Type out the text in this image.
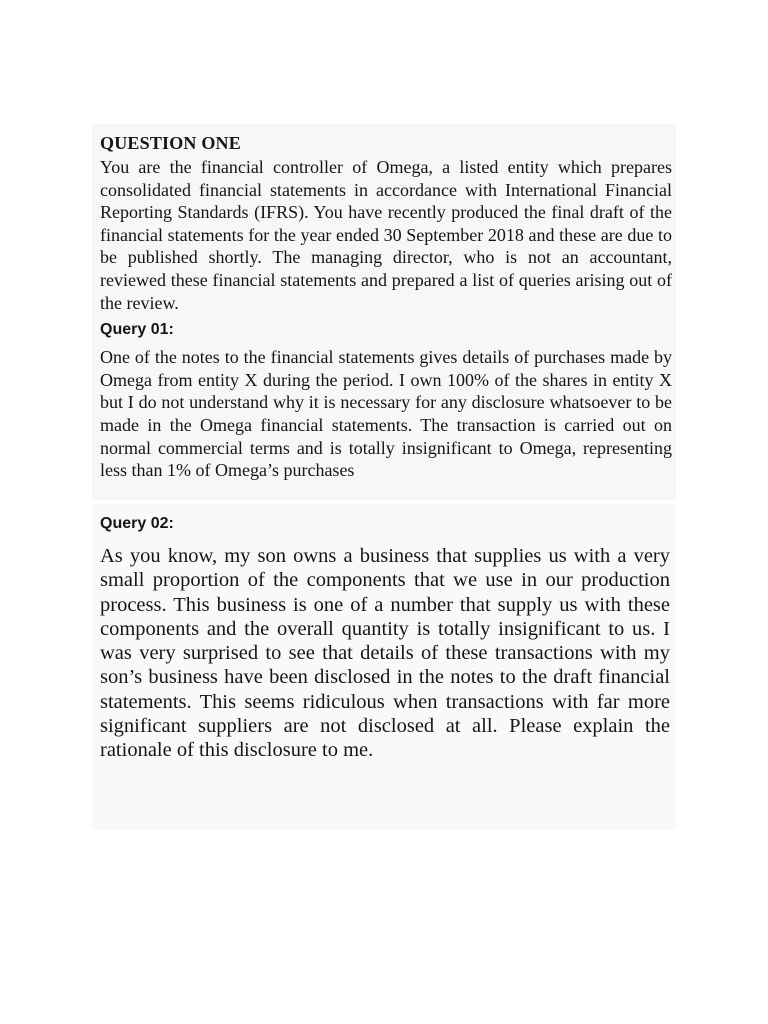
QUESTION ONE

You are the financial controller of Omega, a listed entity which prepares consolidated financial statements in accordance with International Financial Reporting Standards (IFRS). You have recently produced the final draft of the financial statements for the year ended 30 September 2018 and these are due to be published shortly. The managing director, who is not an accountant, reviewed these financial statements and prepared a list of queries arising out of the review.

Query 01:

One of the notes to the financial statements gives details of purchases made by Omega from entity X during the period. I own 100% of the shares in entity X but I do not understand why it is necessary for any disclosure whatsoever to be made in the Omega financial statements. The transaction is carried out on normal commercial terms and is totally insignificant to Omega, representing less than 1% of Omega’s purchases

Query 02:

As you know, my son owns a business that supplies us with a very small proportion of the components that we use in our production process. This business is one of a number that supply us with these components and the overall quantity is totally insignificant to us. I was very surprised to see that details of these transactions with my son’s business have been disclosed in the notes to the draft financial statements. This seems ridiculous when transactions with far more significant suppliers are not disclosed at all. Please explain the rationale of this disclosure to me.
